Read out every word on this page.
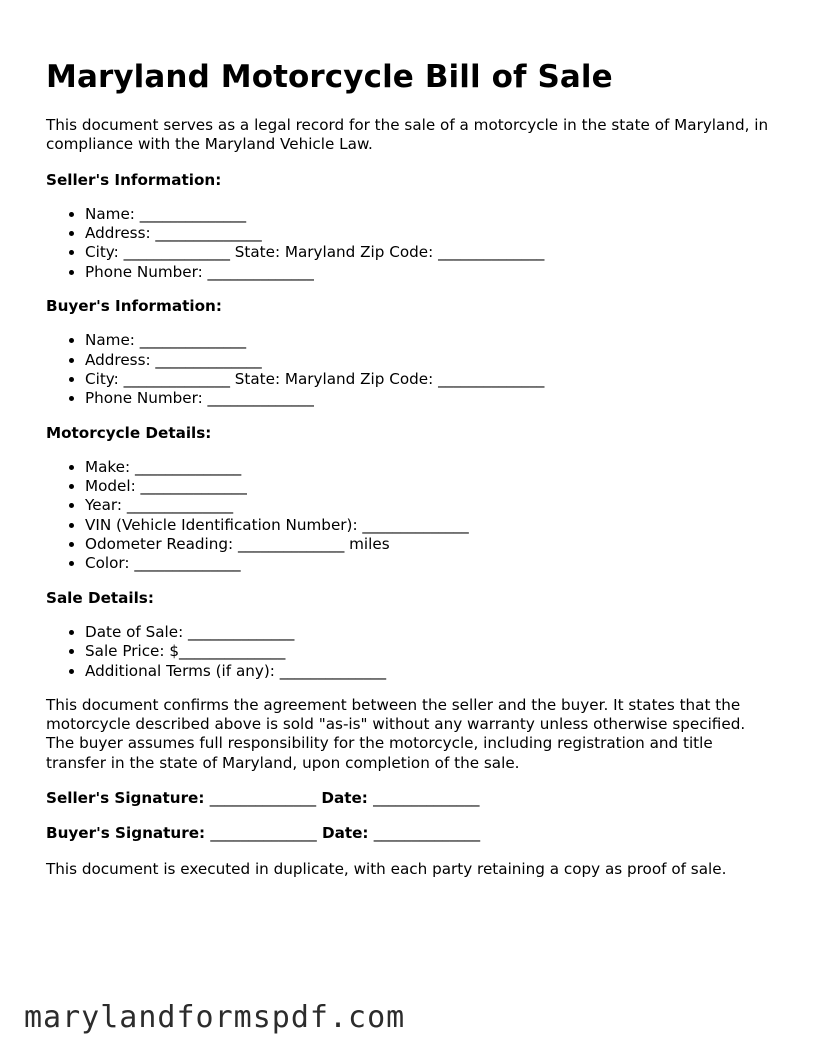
Maryland Motorcycle Bill of Sale

This document serves as a legal record for the sale of a motorcycle in the state of Maryland, in compliance with the Maryland Vehicle Law.

Seller's Information:

• Name: ______________
• Address: ______________
• City: ______________ State: Maryland Zip Code: ______________
• Phone Number: ______________

Buyer's Information:

• Name: ______________
• Address: ______________
• City: ______________ State: Maryland Zip Code: ______________
• Phone Number: ______________

Motorcycle Details:

• Make: ______________
• Model: ______________
• Year: ______________
• VIN (Vehicle Identification Number): ______________
• Odometer Reading: ______________ miles
• Color: ______________

Sale Details:

• Date of Sale: ______________
• Sale Price: $______________
• Additional Terms (if any): ______________

This document confirms the agreement between the seller and the buyer. It states that the motorcycle described above is sold "as-is" without any warranty unless otherwise specified. The buyer assumes full responsibility for the motorcycle, including registration and title transfer in the state of Maryland, upon completion of the sale.

Seller's Signature: ______________ Date: ______________

Buyer's Signature: ______________ Date: ______________

This document is executed in duplicate, with each party retaining a copy as proof of sale.

marylandformspdf.com
